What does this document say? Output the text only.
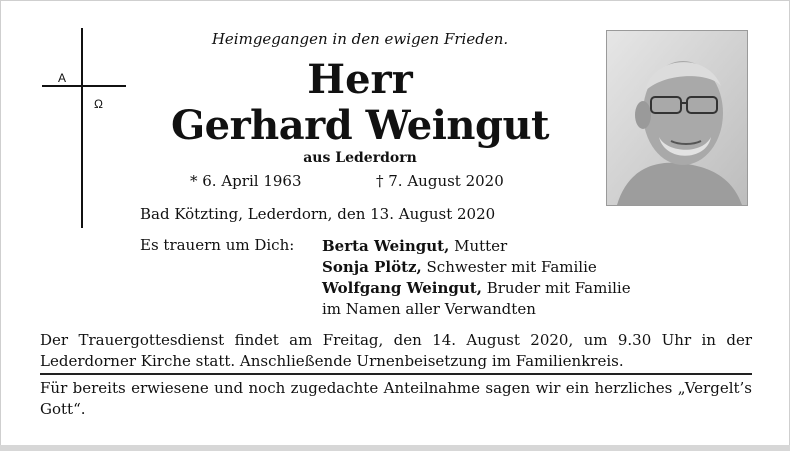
A
Ω
Heimgegangen in den ewigen Frieden.
Herr
Gerhard Weingut
aus Lederdorn
* 6. April 1963	† 7. August 2020
Bad Kötzting, Lederdorn, den 13. August 2020
Es trauern um Dich: Berta Weingut, Mutter
Sonja Plötz, Schwester mit Familie
Wolfgang Weingut, Bruder mit Familie
im Namen aller Verwandten
Der Trauergottesdienst findet am Freitag, den 14. August 2020, um 9.30 Uhr in der Lederdorner Kirche statt. Anschließende Urnenbeisetzung im Familienkreis.
Für bereits erwiesene und noch zugedachte Anteilnahme sagen wir ein herzliches „Vergelt’s Gott“.
